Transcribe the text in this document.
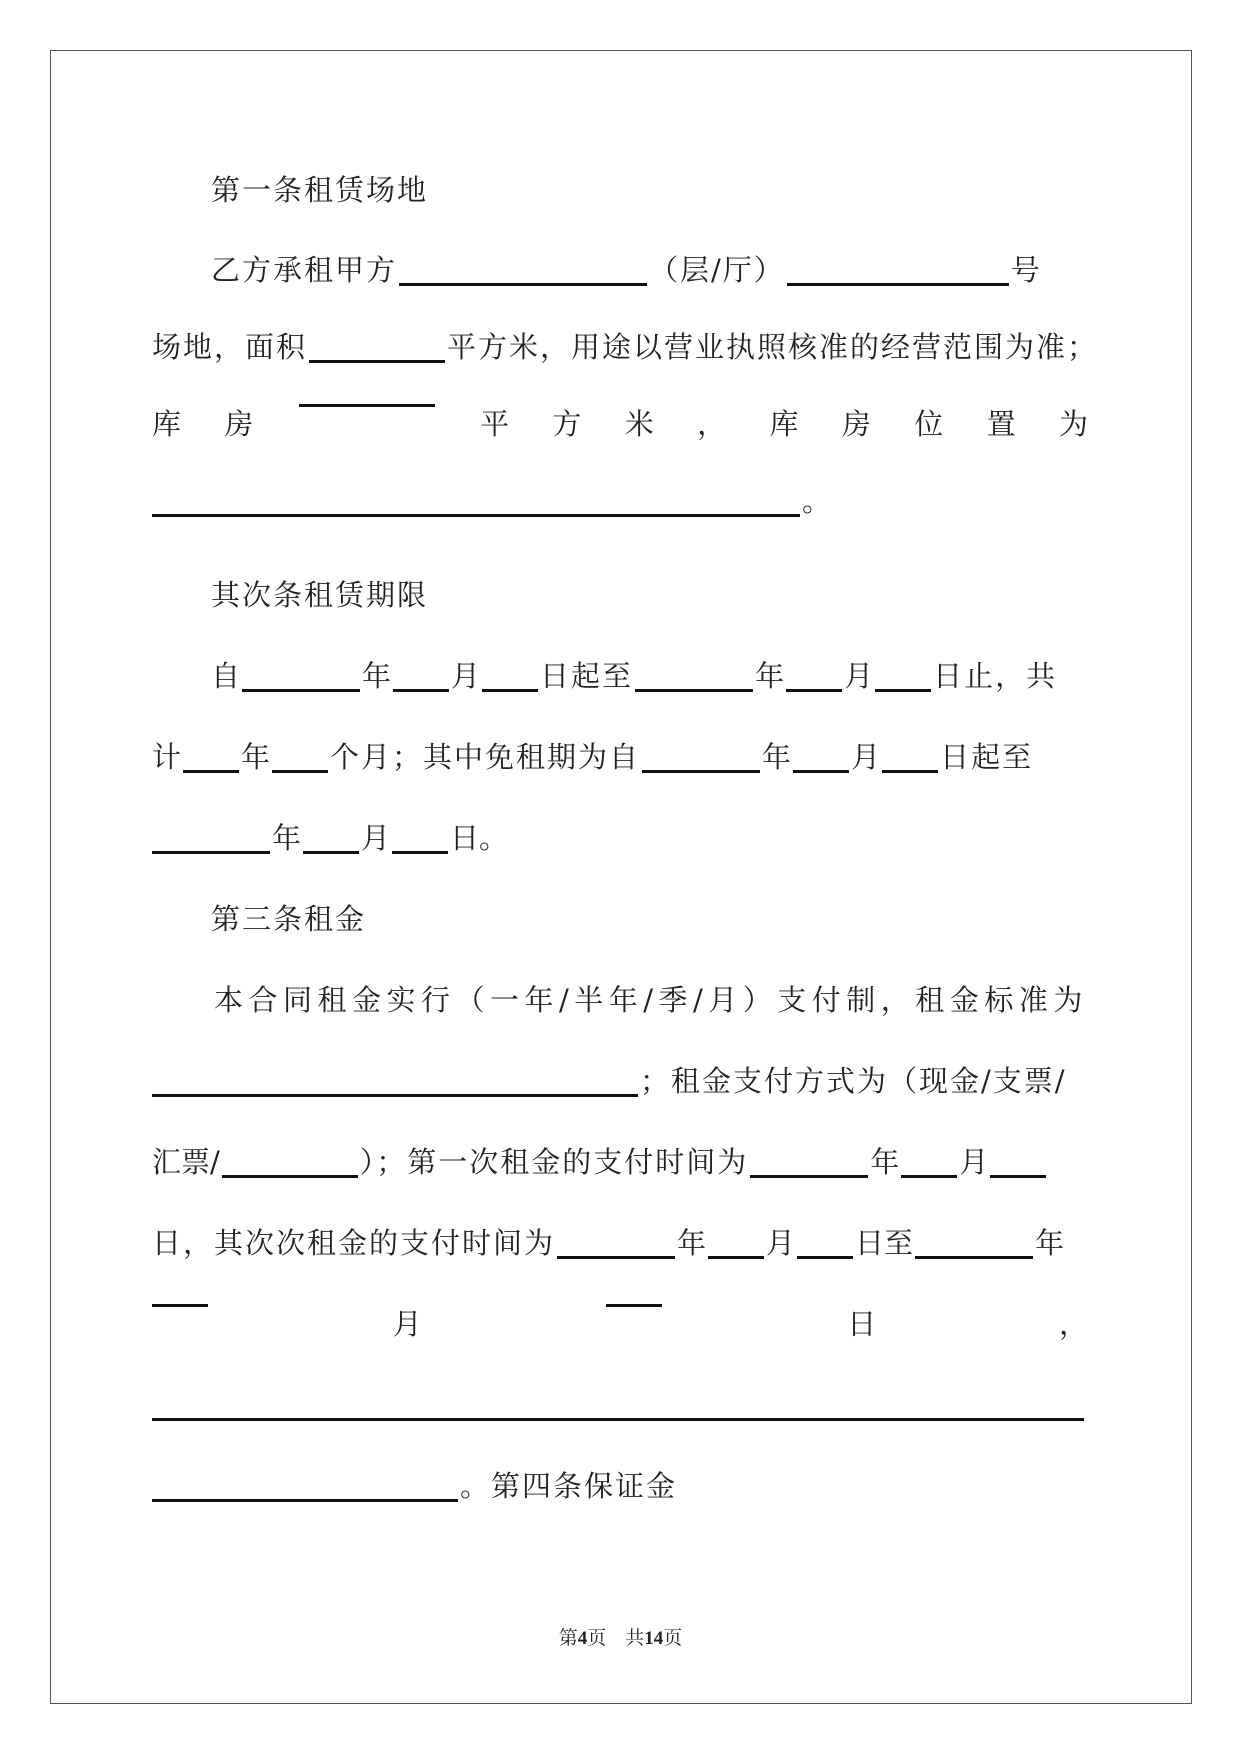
第一条租赁场地
乙方承租甲方	（层/厅）	号
场地，面积	平方米，用途以营业执照核准的经营范围为准；
库 房	平 方 米 ， 库 房 位 置 为
。
其次条租赁期限
自	年 月 日起至	年 月 日止，共
计 年 个月；其中免租期为自	年 月 日起至
年 月 日。
第三条租金
本合同租金实行（一年/半年/季/月）支付制，租金标准为
；租金支付方式为（现金/支票/
汇票/	）；第一次租金的支付时间为	年 月
日，其次次租金的支付时间为	年 月 日至	年
月	日	，
。第四条保证金
第4页　共14页
